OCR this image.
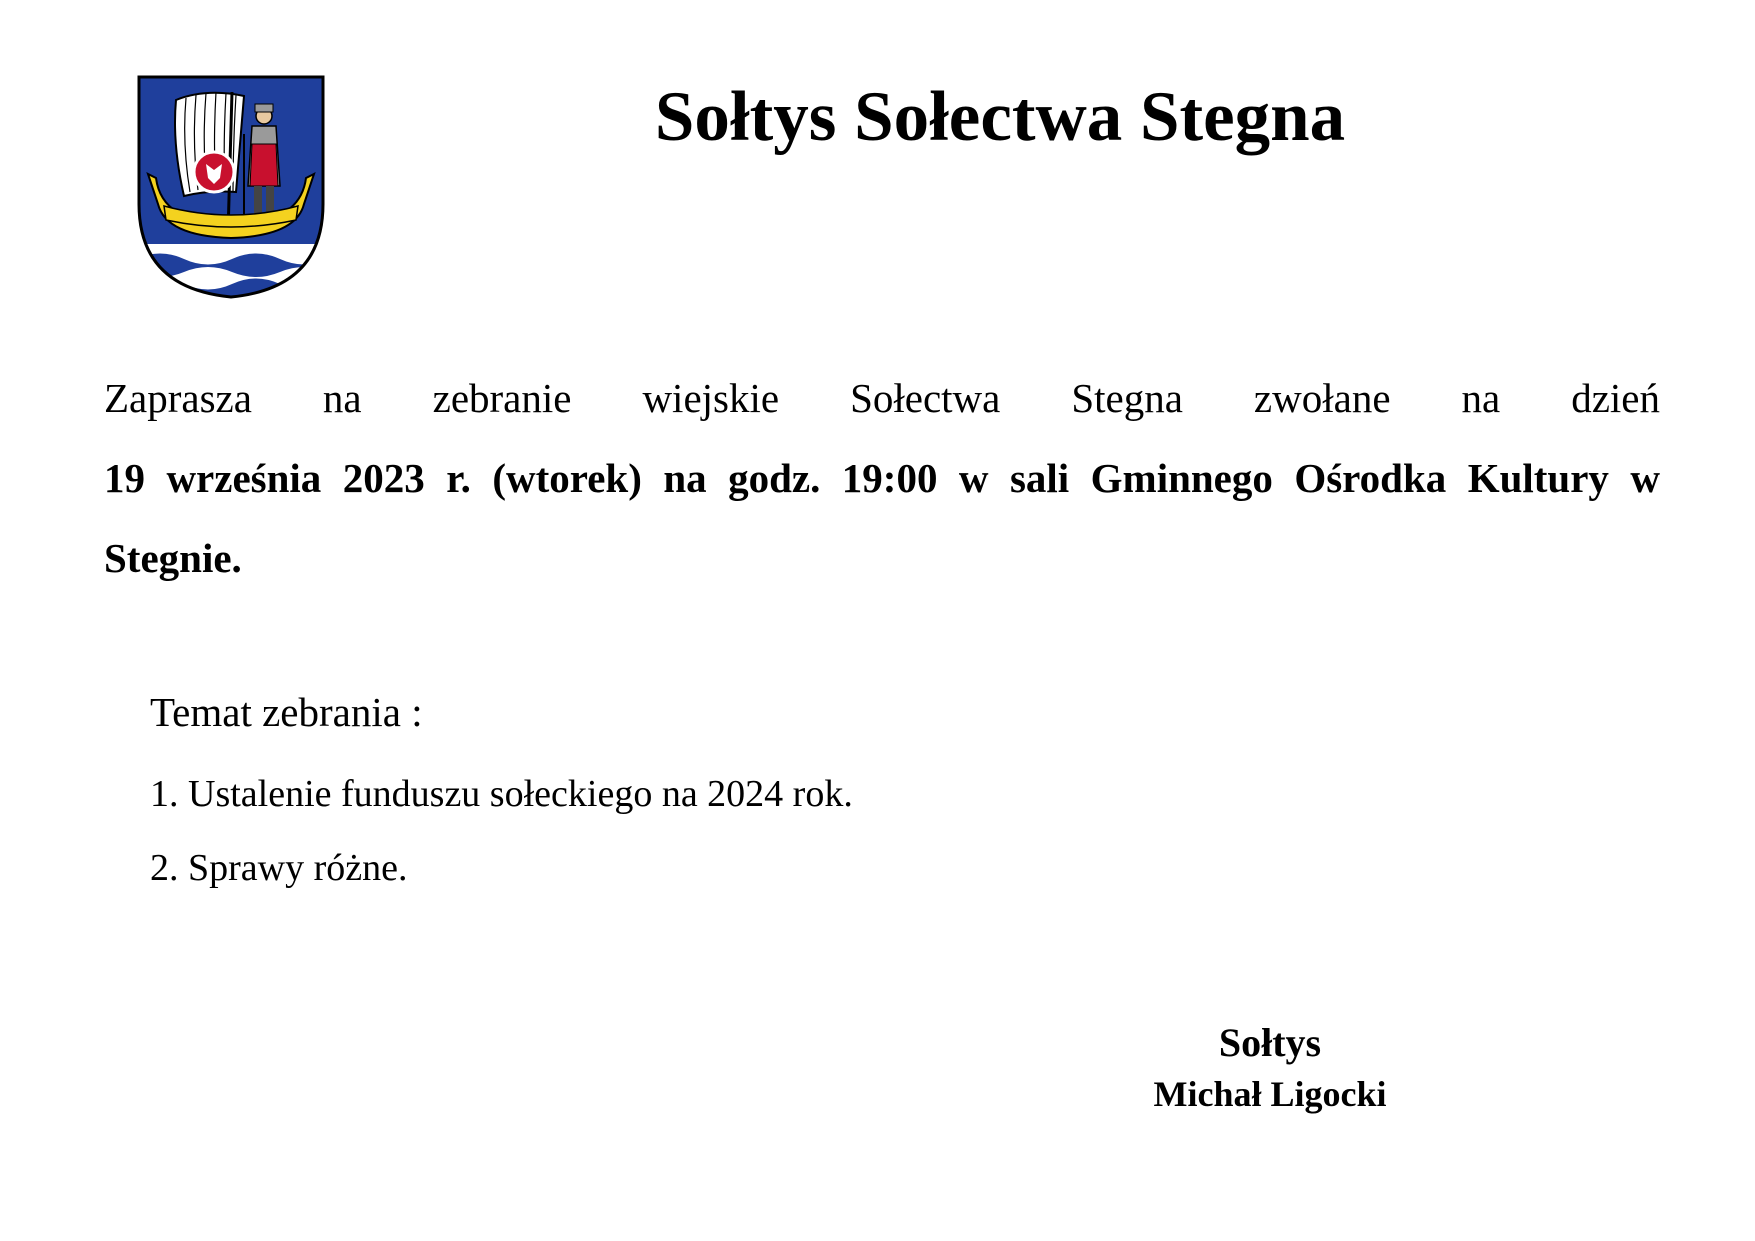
Sołtys Sołectwa Stegna
Zaprasza na zebranie wiejskie Sołectwa Stegna zwołane na dzień
19 września 2023 r. (wtorek) na godz. 19:00 w sali Gminnego Ośrodka Kultury w Stegnie.
Temat zebrania :
1. Ustalenie funduszu sołeckiego na 2024 rok.
2. Sprawy różne.
Sołtys
Michał Ligocki
